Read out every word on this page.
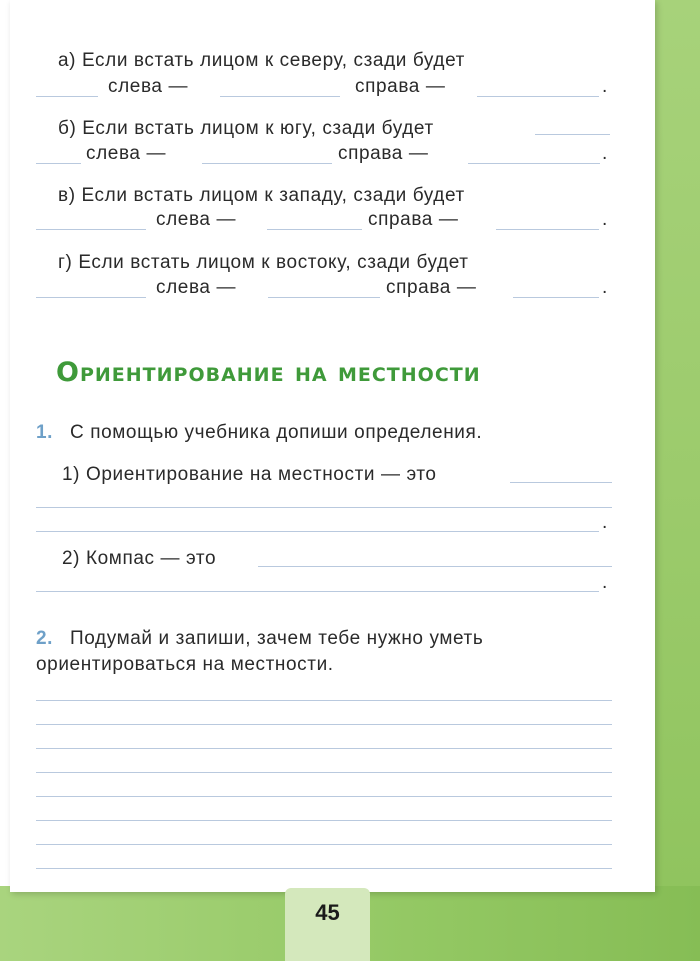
а) Если встать лицом к северу, сзади будет
слева —	справа —	.
б) Если встать лицом к югу, сзади будет
слева —	справа —	.
в) Если встать лицом к западу, сзади будет
слева —	справа —	.
г) Если встать лицом к востоку, сзади будет
слева —	справа —	.
Ориентирование на местности
1. С помощью учебника допиши определения.
1) Ориентирование на местности — это
.
2) Компас — это
.
2. Подумай и запиши, зачем тебе нужно уметь
ориентироваться на местности.
45
